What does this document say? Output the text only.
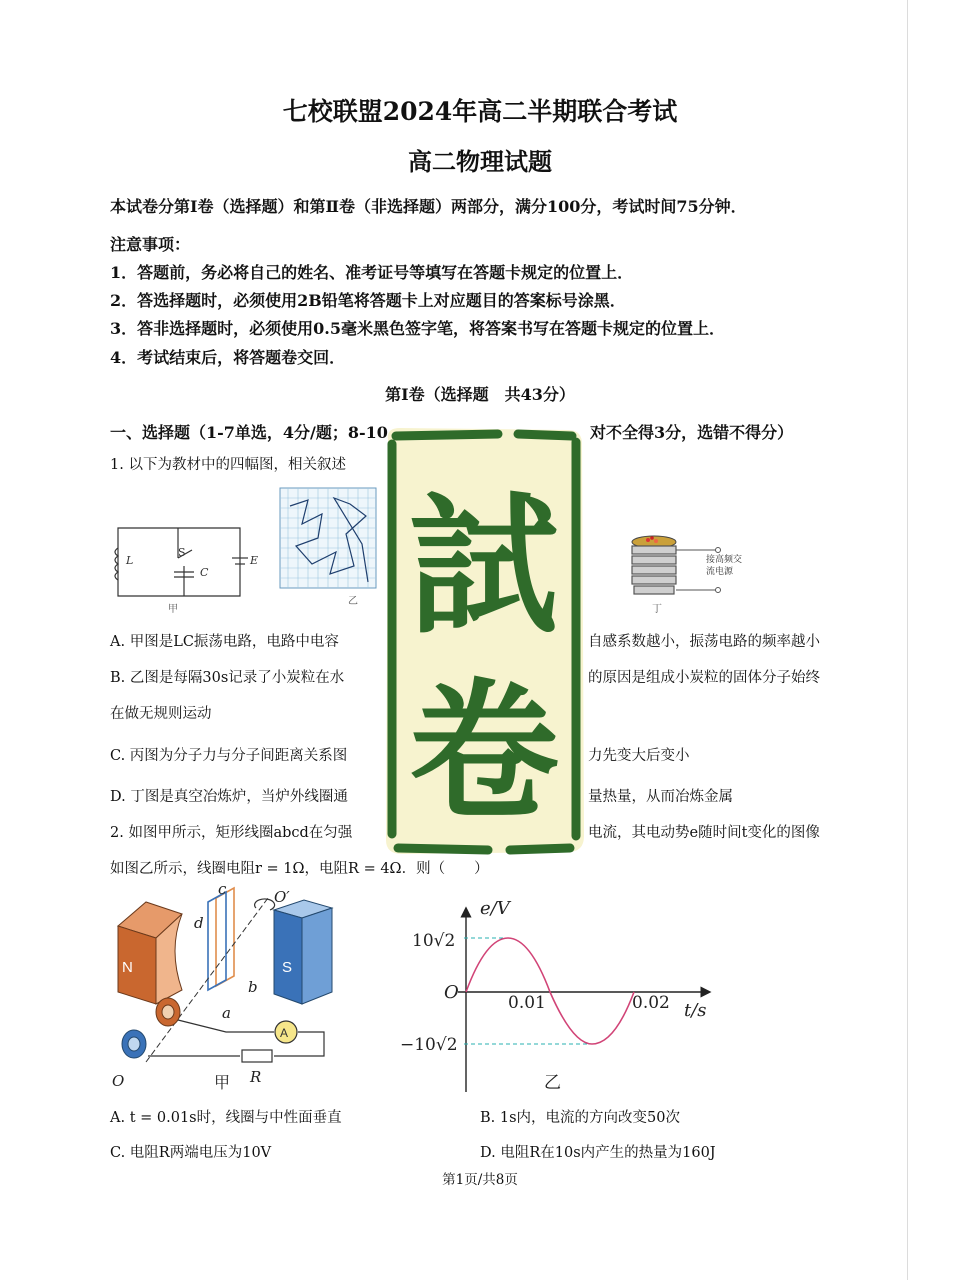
七校联盟2024年高二半期联合考试
高二物理试题
本试卷分第Ⅰ卷（选择题）和第Ⅱ卷（非选择题）两部分，满分100分，考试时间75分钟．
注意事项：
1．答题前，务必将自己的姓名、准考证号等填写在答题卡规定的位置上．
2．答选择题时，必须使用2B铅笔将答题卡上对应题目的答案标号涂黑．
3．答非选择题时，必须使用0.5毫米黑色签字笔，将答案书写在答题卡规定的位置上．
4．考试结束后，将答题卷交回．
第Ⅰ卷（选择题　共43分）
一、选择题（1-7单选，4分/题；8-10	对不全得3分，选错不得分）
1. 以下为教材中的四幅图，相关叙述
L
S
C
E
甲
乙
接高频交
流电源
丁
A. 甲图是LC振荡电路，电路中电容	自感系数越小，振荡电路的频率越小
B. 乙图是每隔30s记录了小炭粒在水	的原因是组成小炭粒的固体分子始终
在做无规则运动
C. 丙图为分子力与分子间距离关系图	力先变大后变小
D. 丁图是真空冶炼炉，当炉外线圈通	量热量，从而冶炼金属
2. 如图甲所示，矩形线圈abcd在匀强	电流，其电动势e随时间t变化的图像
如图乙所示，线圈电阻r = 1Ω，电阻R = 4Ω．则（　　）
N	S
A
c
d
b
a
O′
O	R
甲
e/V
t/s
O
10√2
−10√2
0.01	0.02
乙
A. t = 0.01s时，线圈与中性面垂直	B. 1s内，电流的方向改变50次
C. 电阻R两端电压为10V	D. 电阻R在10s内产生的热量为160J
第1页/共8页
試
卷
